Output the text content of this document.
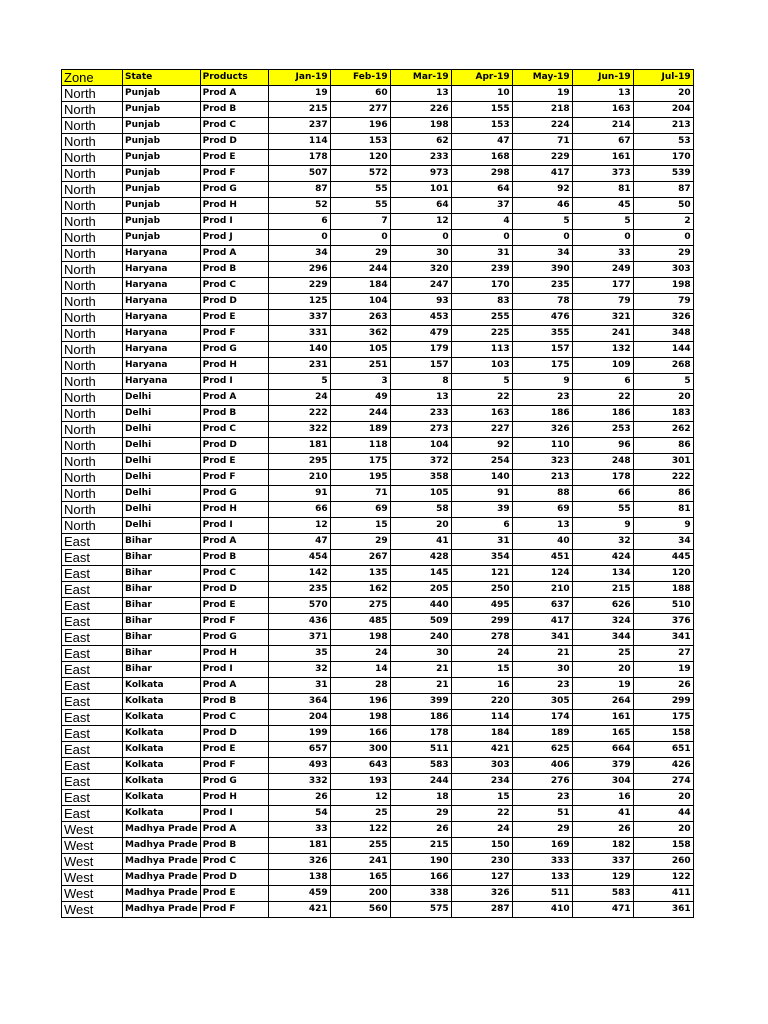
Zone	State	Products	Jan-19	Feb-19	Mar-19	Apr-19	May-19	Jun-19	Jul-19
North	Punjab	Prod A	19	60	13	10	19	13	20
North	Punjab	Prod B	215	277	226	155	218	163	204
North	Punjab	Prod C	237	196	198	153	224	214	213
North	Punjab	Prod D	114	153	62	47	71	67	53
North	Punjab	Prod E	178	120	233	168	229	161	170
North	Punjab	Prod F	507	572	973	298	417	373	539
North	Punjab	Prod G	87	55	101	64	92	81	87
North	Punjab	Prod H	52	55	64	37	46	45	50
North	Punjab	Prod I	6	7	12	4	5	5	2
North	Punjab	Prod J	0	0	0	0	0	0	0
North	Haryana	Prod A	34	29	30	31	34	33	29
North	Haryana	Prod B	296	244	320	239	390	249	303
North	Haryana	Prod C	229	184	247	170	235	177	198
North	Haryana	Prod D	125	104	93	83	78	79	79
North	Haryana	Prod E	337	263	453	255	476	321	326
North	Haryana	Prod F	331	362	479	225	355	241	348
North	Haryana	Prod G	140	105	179	113	157	132	144
North	Haryana	Prod H	231	251	157	103	175	109	268
North	Haryana	Prod I	5	3	8	5	9	6	5
North	Delhi	Prod A	24	49	13	22	23	22	20
North	Delhi	Prod B	222	244	233	163	186	186	183
North	Delhi	Prod C	322	189	273	227	326	253	262
North	Delhi	Prod D	181	118	104	92	110	96	86
North	Delhi	Prod E	295	175	372	254	323	248	301
North	Delhi	Prod F	210	195	358	140	213	178	222
North	Delhi	Prod G	91	71	105	91	88	66	86
North	Delhi	Prod H	66	69	58	39	69	55	81
North	Delhi	Prod I	12	15	20	6	13	9	9
East	Bihar	Prod A	47	29	41	31	40	32	34
East	Bihar	Prod B	454	267	428	354	451	424	445
East	Bihar	Prod C	142	135	145	121	124	134	120
East	Bihar	Prod D	235	162	205	250	210	215	188
East	Bihar	Prod E	570	275	440	495	637	626	510
East	Bihar	Prod F	436	485	509	299	417	324	376
East	Bihar	Prod G	371	198	240	278	341	344	341
East	Bihar	Prod H	35	24	30	24	21	25	27
East	Bihar	Prod I	32	14	21	15	30	20	19
East	Kolkata	Prod A	31	28	21	16	23	19	26
East	Kolkata	Prod B	364	196	399	220	305	264	299
East	Kolkata	Prod C	204	198	186	114	174	161	175
East	Kolkata	Prod D	199	166	178	184	189	165	158
East	Kolkata	Prod E	657	300	511	421	625	664	651
East	Kolkata	Prod F	493	643	583	303	406	379	426
East	Kolkata	Prod G	332	193	244	234	276	304	274
East	Kolkata	Prod H	26	12	18	15	23	16	20
East	Kolkata	Prod I	54	25	29	22	51	41	44
West	Madhya Prade	Prod A	33	122	26	24	29	26	20
West	Madhya Prade	Prod B	181	255	215	150	169	182	158
West	Madhya Prade	Prod C	326	241	190	230	333	337	260
West	Madhya Prade	Prod D	138	165	166	127	133	129	122
West	Madhya Prade	Prod E	459	200	338	326	511	583	411
West	Madhya Prade	Prod F	421	560	575	287	410	471	361
